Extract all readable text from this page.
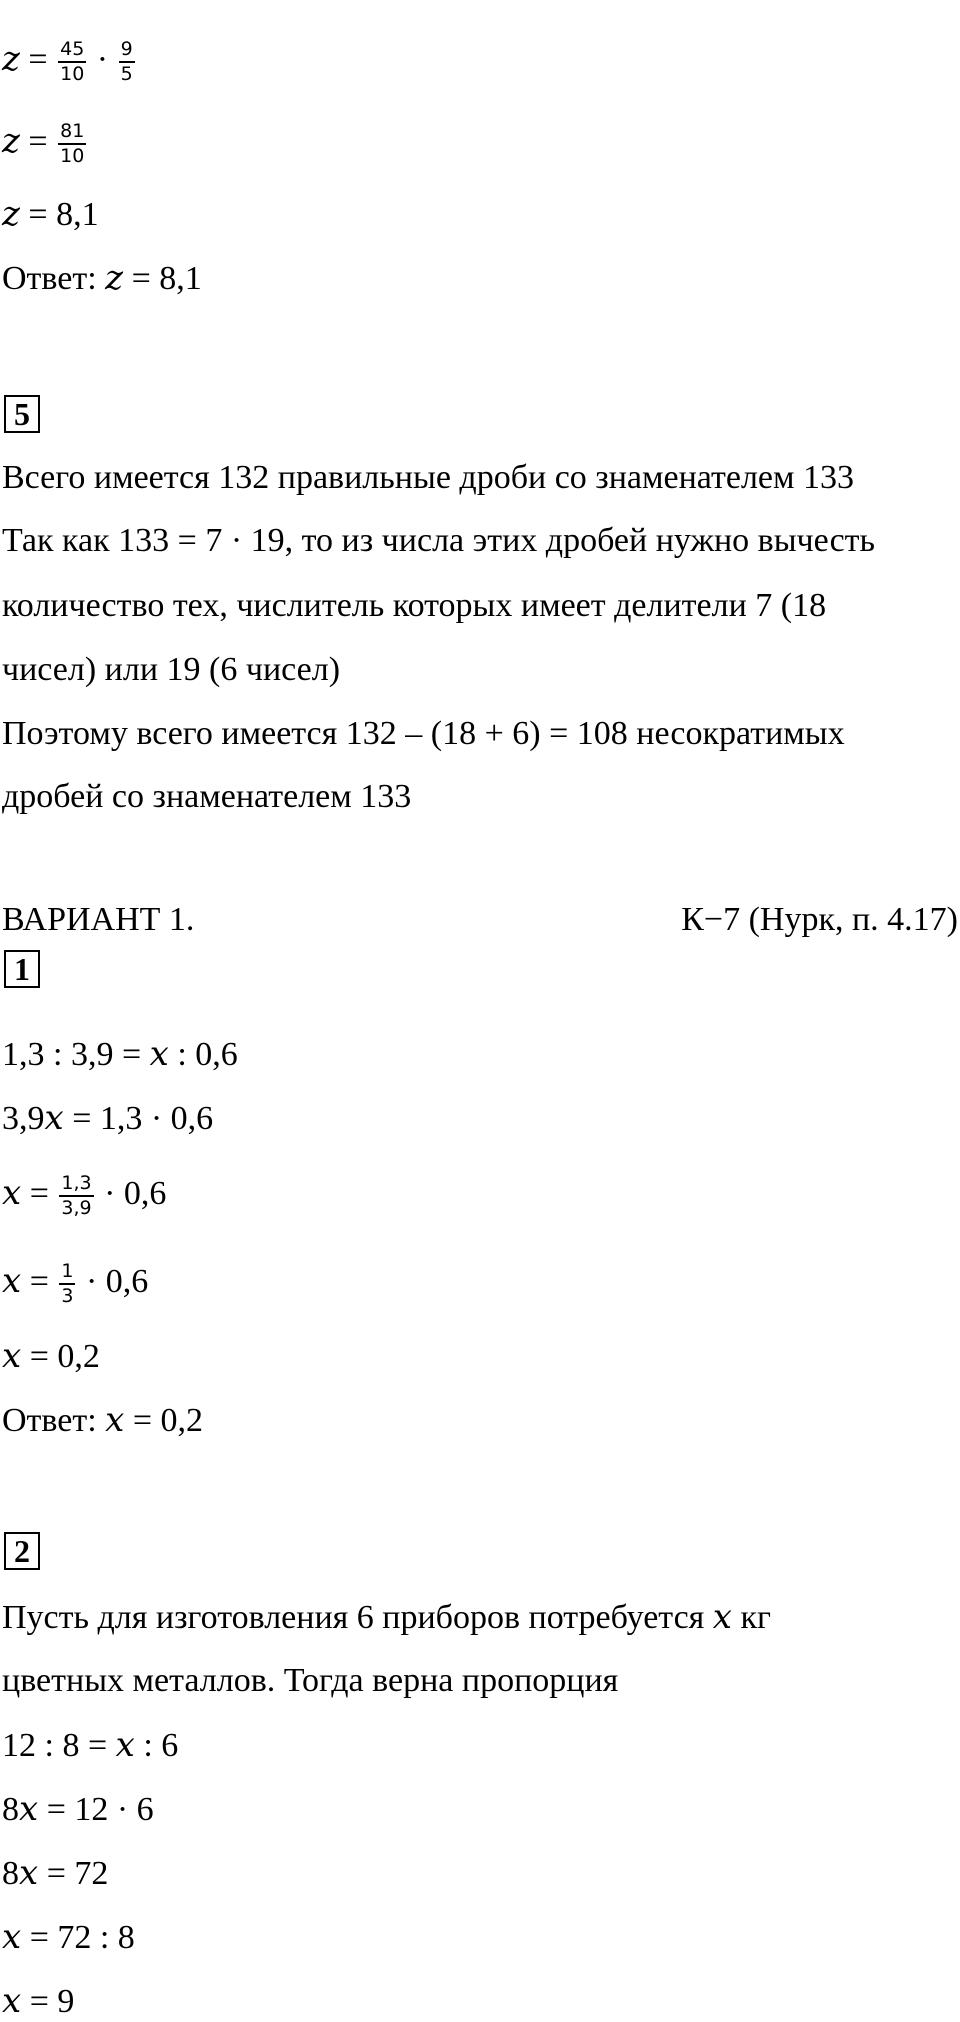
$z = \frac{45}{10} \cdot \frac{9}{5}$
$z = \frac{81}{10}$
z = 8,1
Ответ: z = 8,1
5
Всего имеется 132 правильные дроби со знаменателем 133
Так как 133 = 7 · 19, то из числа этих дробей нужно вычесть
количество тех, числитель которых имеет делители 7 (18
чисел) или 19 (6 чисел)
Поэтому всего имеется 132 – (18 + 6) = 108 несократимых
дробей со знаменателем 133
ВАРИАНТ 1.	К−7 (Нурк, п. 4.17)
1
1,3 : 3,9 = x : 0,6
3,9x = 1,3 · 0,6
$x = \frac{1,3}{3,9} \cdot 0,6$
$x = \frac{1}{3} \cdot 0,6$
x = 0,2
Ответ: x = 0,2
2
Пусть для изготовления 6 приборов потребуется x кг
цветных металлов. Тогда верна пропорция
12 : 8 = x : 6
8x = 12 · 6
8x = 72
x = 72 : 8
x = 9
